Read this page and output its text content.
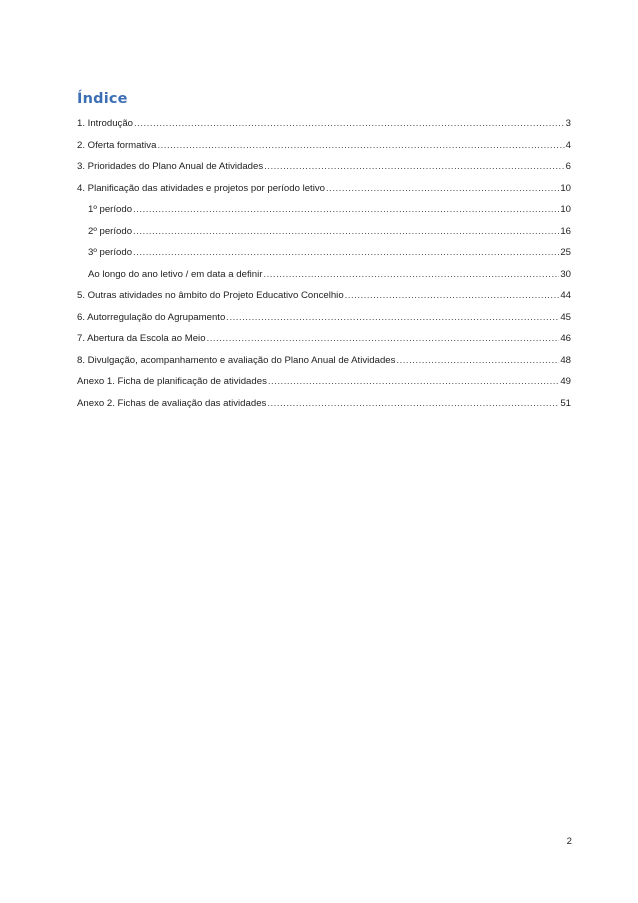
Índice
1. Introdução .....	3
2. Oferta formativa .....	4
3. Prioridades do Plano Anual de Atividades .....	6
4. Planificação das atividades e projetos por período letivo .....	10
1º período .....	10
2º período .....	16
3º período .....	25
Ao longo do ano letivo / em data a definir .....	30
5. Outras atividades no âmbito do Projeto Educativo Concelhio .....	44
6. Autorregulação do Agrupamento .....	45
7. Abertura da Escola ao Meio .....	46
8. Divulgação, acompanhamento e avaliação do Plano Anual de Atividades .....	48
Anexo 1. Ficha de planificação de atividades .....	49
Anexo 2. Fichas de avaliação das atividades .....	51
2
